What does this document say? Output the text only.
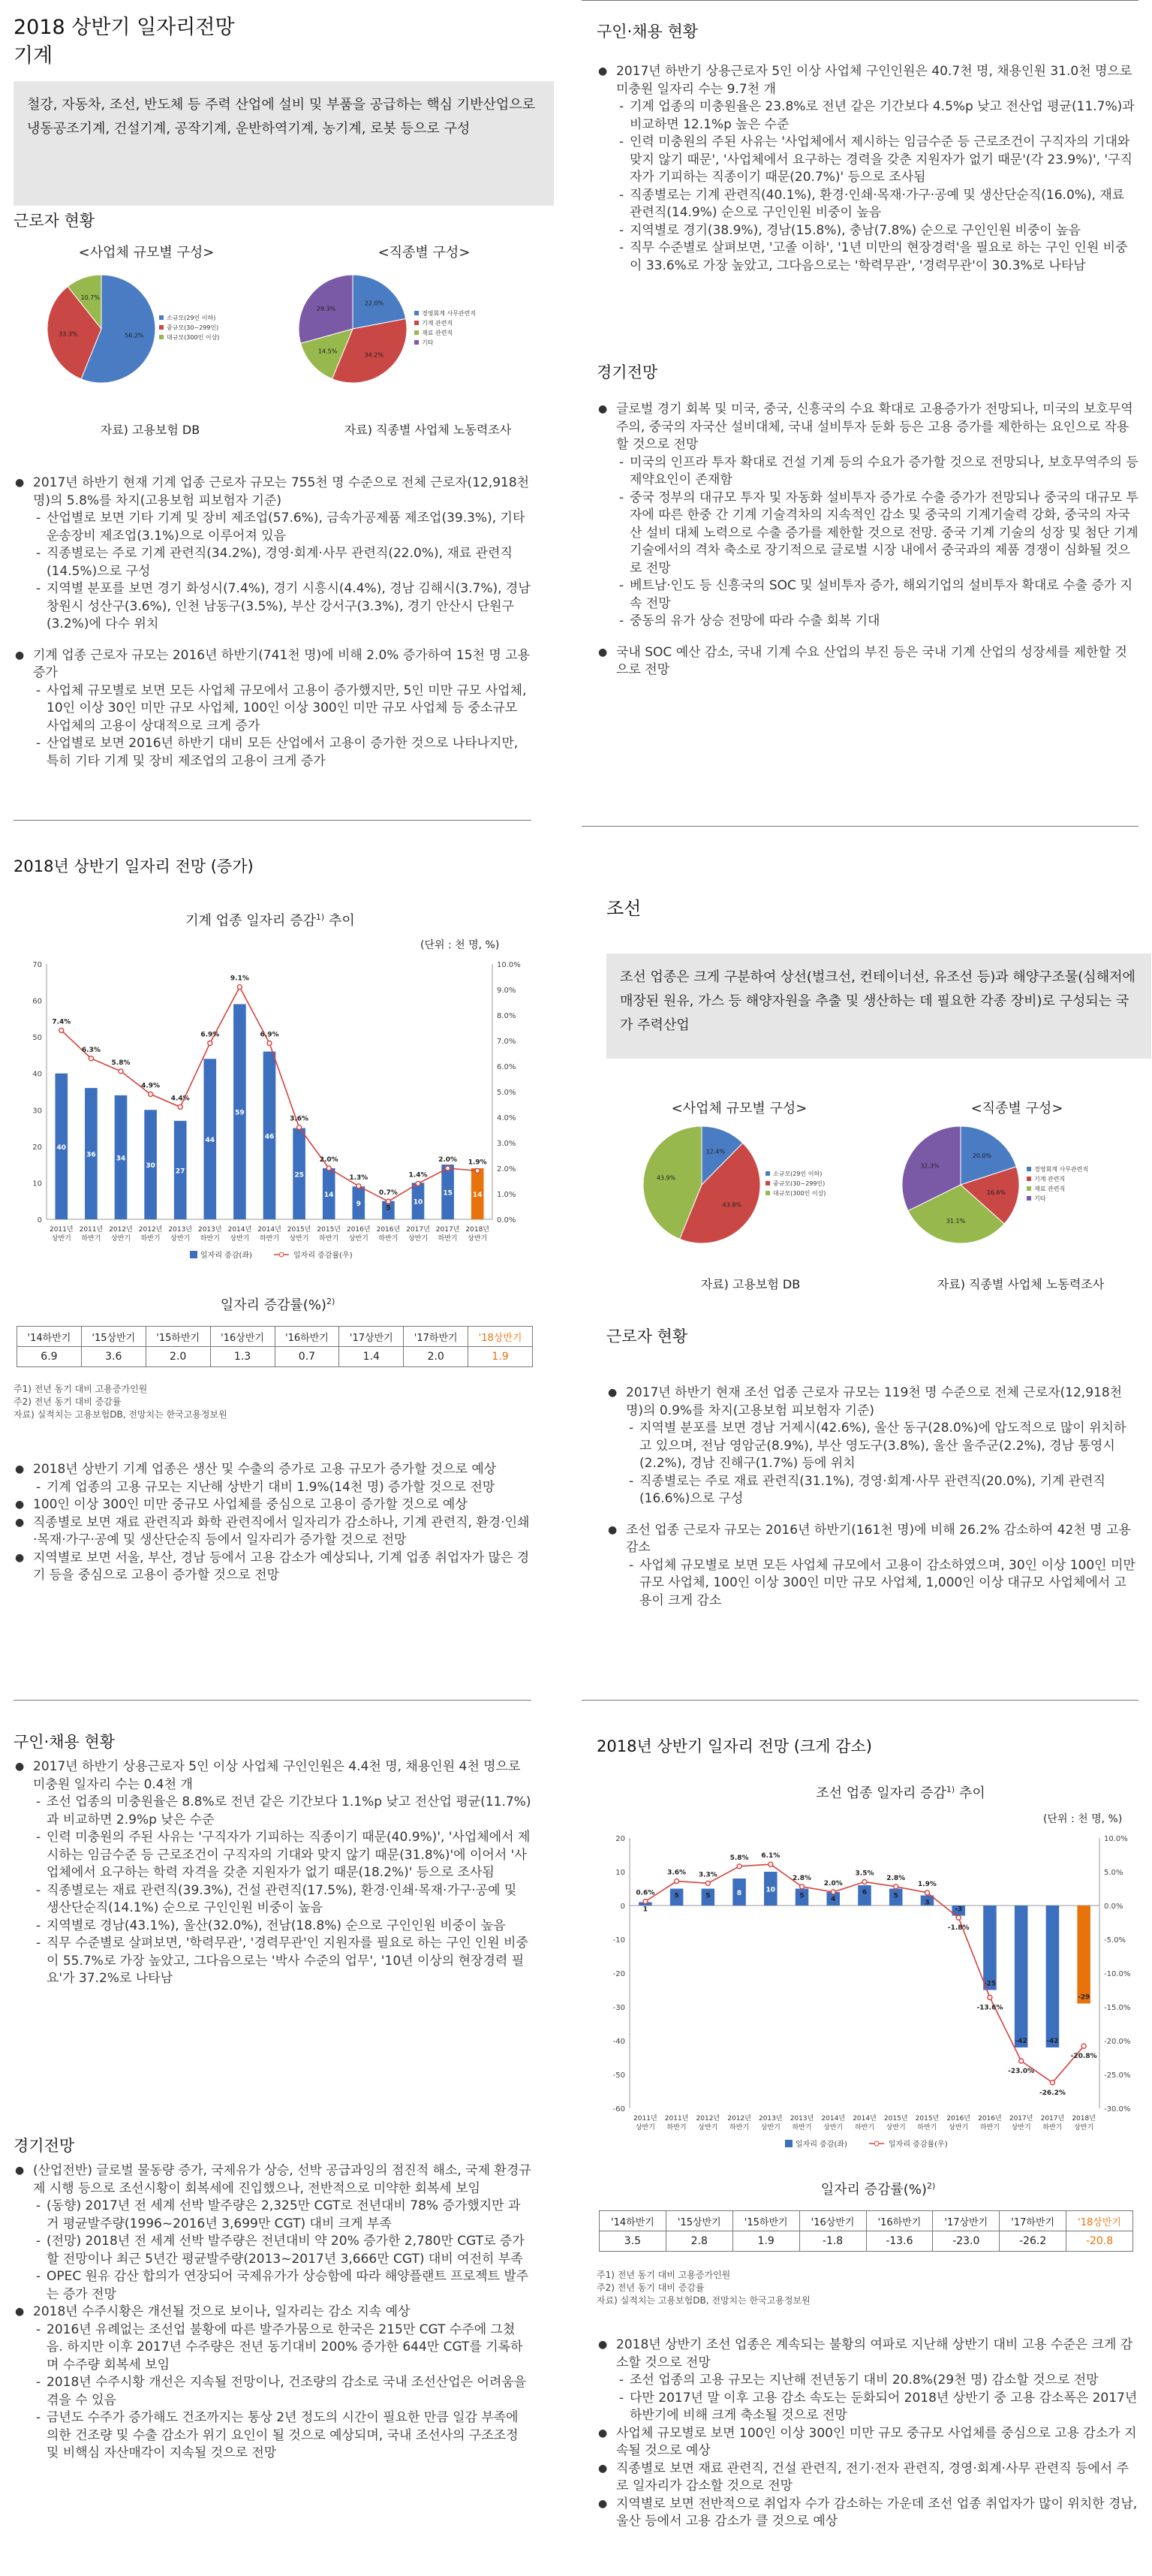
2018 상반기 일자리전망
기계
철강, 자동차, 조선, 반도체 등 주력 산업에 설비 및 부품을 공급하는 핵심 기반산업으로 냉동공조기계, 건설기계, 공작기계, 운반하역기계, 농기계, 로봇 등으로 구성
근로자 현황
<사업체 규모별 구성>
56.2%
33.3%
10.7%
소규모(29인 이하)
중규모(30~299인)
대규모(300인 이상)
자료) 고용보험 DB
<직종별 구성>
22.0%
34.2%
14.5%
29.3%
경영회계 사무관련직
기계 관련직
재료 관련직
기타
자료) 직종별 사업체 노동력조사
● 2017년 하반기 현재 기계 업종 근로자 규모는 755천 명 수준으로 전체 근로자(12,918천 명)의 5.8%를 차지(고용보험 피보험자 기준)
- 산업별로 보면 기타 기계 및 장비 제조업(57.6%), 금속가공제품 제조업(39.3%), 기타 운송장비 제조업(3.1%)으로 이루어져 있음
- 직종별로는 주로 기계 관련직(34.2%), 경영·회계·사무 관련직(22.0%), 재료 관련직(14.5%)으로 구성
- 지역별 분포를 보면 경기 화성시(7.4%), 경기 시흥시(4.4%), 경남 김해시(3.7%), 경남 창원시 성산구(3.6%), 인천 남동구(3.5%), 부산 강서구(3.3%), 경기 안산시 단원구(3.2%)에 다수 위치
● 기계 업종 근로자 규모는 2016년 하반기(741천 명)에 비해 2.0% 증가하여 15천 명 고용 증가
- 사업체 규모별로 보면 모든 사업체 규모에서 고용이 증가했지만, 5인 미만 규모 사업체, 10인 이상 30인 미만 규모 사업체, 100인 이상 300인 미만 규모 사업체 등 중소규모 사업체의 고용이 상대적으로 크게 증가
- 산업별로 보면 2016년 하반기 대비 모든 산업에서 고용이 증가한 것으로 나타나지만, 특히 기타 기계 및 장비 제조업의 고용이 크게 증가
2018년 상반기 일자리 전망 (증가)
기계 업종 일자리 증감$^{1)}$ 추이
(단위 : 천 명, %)
0
10
20
30
40
50
60
70
0.0%
1.0%
2.0%
3.0%
4.0%
5.0%
6.0%
7.0%
8.0%
9.0%
10.0%
40
36	34
30
27
44
59
46
25
14
9
5
10
15	14
7.4%
6.3%
5.8%
4.9%
4.4%
6.9%
9.1%
6.9%
3.6%
2.0%
1.3%
0.7%
1.4%
2.0% 1.9%
2011년
상반기
2011년
하반기
2012년
상반기
2012년
하반기
2013년
상반기
2013년
하반기
2014년
상반기
2014년
하반기
2015년
상반기
2015년
하반기
2016년
상반기
2016년
하반기
2017년
상반기
2017년
하반기
2018년
상반기
일자리 증감(좌)	일자리 증감률(우)
일자리 증감률(%)$^{2)}$
'14하반기	'15상반기	'15하반기	'16상반기	'16하반기	'17상반기	'17하반기	'18상반기
6.9	3.6	2.0	1.3	0.7	1.4	2.0	1.9
주1) 전년 동기 대비 고용증가인원
주2) 전년 동기 대비 증감률
자료) 실적치는 고용보험DB, 전망치는 한국고용정보원
● 2018년 상반기 기계 업종은 생산 및 수출의 증가로 고용 규모가 증가할 것으로 예상
- 기계 업종의 고용 규모는 지난해 상반기 대비 1.9%(14천 명) 증가할 것으로 전망
● 100인 이상 300인 미만 중규모 사업체를 중심으로 고용이 증가할 것으로 예상
● 직종별로 보면 재료 관련직과 화학 관련직에서 일자리가 감소하나, 기계 관련직, 환경·인쇄·목재·가구·공예 및 생산단순직 등에서 일자리가 증가할 것으로 전망
● 지역별로 보면 서울, 부산, 경남 등에서 고용 감소가 예상되나, 기계 업종 취업자가 많은 경기 등을 중심으로 고용이 증가할 것으로 전망
구인·채용 현황
● 2017년 하반기 상용근로자 5인 이상 사업체 구인인원은 4.4천 명, 채용인원 4천 명으로 미충원 일자리 수는 0.4천 개
- 조선 업종의 미충원율은 8.8%로 전년 같은 기간보다 1.1%p 낮고 전산업 평균(11.7%)과 비교하면 2.9%p 낮은 수준
- 인력 미충원의 주된 사유는 '구직자가 기피하는 직종이기 때문(40.9%)', '사업체에서 제시하는 임금수준 등 근로조건이 구직자의 기대와 맞지 않기 때문(31.8%)'에 이어서 '사업체에서 요구하는 학력 자격을 갖춘 지원자가 없기 때문(18.2%)' 등으로 조사됨
- 직종별로는 재료 관련직(39.3%), 건설 관련직(17.5%), 환경·인쇄·목재·가구·공예 및 생산단순직(14.1%) 순으로 구인인원 비중이 높음
- 지역별로 경남(43.1%), 울산(32.0%), 전남(18.8%) 순으로 구인인원 비중이 높음
- 직무 수준별로 살펴보면, '학력무관', '경력무관'인 지원자를 필요로 하는 구인 인원 비중이 55.7%로 가장 높았고, 그다음으로는 '박사 수준의 업무', '10년 이상의 현장경력 필요'가 37.2%로 나타남
경기전망
● (산업전반) 글로벌 물동량 증가, 국제유가 상승, 선박 공급과잉의 점진적 해소, 국제 환경규제 시행 등으로 조선시황이 회복세에 진입했으나, 전반적으로 미약한 회복세 보임
- (동향) 2017년 전 세계 선박 발주량은 2,325만 CGT로 전년대비 78% 증가했지만 과거 평균발주량(1996~2016년 3,699만 CGT) 대비 크게 부족
- (전망) 2018년 전 세계 선박 발주량은 전년대비 약 20% 증가한 2,780만 CGT로 증가할 전망이나 최근 5년간 평균발주량(2013~2017년 3,666만 CGT) 대비 여전히 부족
- OPEC 원유 감산 합의가 연장되어 국제유가가 상승함에 따라 해양플랜트 프로젝트 발주는 증가 전망
● 2018년 수주시황은 개선될 것으로 보이나, 일자리는 감소 지속 예상
- 2016년 유례없는 조선업 불황에 따른 발주가뭄으로 한국은 215만 CGT 수주에 그쳤음. 하지만 이후 2017년 수주량은 전년 동기대비 200% 증가한 644만 CGT를 기록하며 수주량 회복세 보임
- 2018년 수주시황 개선은 지속될 전망이나, 건조량의 감소로 국내 조선산업은 어려움을 겪을 수 있음
- 금년도 수주가 증가해도 건조까지는 통상 2년 정도의 시간이 필요한 만큼 일감 부족에 의한 건조량 및 수출 감소가 위기 요인이 될 것으로 예상되며, 국내 조선사의 구조조정 및 비핵심 자산매각이 지속될 것으로 전망
구인·채용 현황
● 2017년 하반기 상용근로자 5인 이상 사업체 구인인원은 40.7천 명, 채용인원 31.0천 명으로 미충원 일자리 수는 9.7천 개
- 기계 업종의 미충원율은 23.8%로 전년 같은 기간보다 4.5%p 낮고 전산업 평균(11.7%)과 비교하면 12.1%p 높은 수준
- 인력 미충원의 주된 사유는 '사업체에서 제시하는 임금수준 등 근로조건이 구직자의 기대와 맞지 않기 때문', '사업체에서 요구하는 경력을 갖춘 지원자가 없기 때문'(각 23.9%)', '구직자가 기피하는 직종이기 때문(20.7%)' 등으로 조사됨
- 직종별로는 기계 관련직(40.1%), 환경·인쇄·목재·가구·공예 및 생산단순직(16.0%), 재료 관련직(14.9%) 순으로 구인인원 비중이 높음
- 지역별로 경기(38.9%), 경남(15.8%), 충남(7.8%) 순으로 구인인원 비중이 높음
- 직무 수준별로 살펴보면, '고졸 이하', '1년 미만의 현장경력'을 필요로 하는 구인 인원 비중이 33.6%로 가장 높았고, 그다음으로는 '학력무관', '경력무관'이 30.3%로 나타남
경기전망
● 글로벌 경기 회복 및 미국, 중국, 신흥국의 수요 확대로 고용증가가 전망되나, 미국의 보호무역주의, 중국의 자국산 설비대체, 국내 설비투자 둔화 등은 고용 증가를 제한하는 요인으로 작용할 것으로 전망
- 미국의 인프라 투자 확대로 건설 기계 등의 수요가 증가할 것으로 전망되나, 보호무역주의 등 제약요인이 존재함
- 중국 정부의 대규모 투자 및 자동화 설비투자 증가로 수출 증가가 전망되나 중국의 대규모 투자에 따른 한중 간 기계 기술격차의 지속적인 감소 및 중국의 기계기술력 강화, 중국의 자국산 설비 대체 노력으로 수출 증가를 제한할 것으로 전망. 중국 기계 기술의 성장 및 첨단 기계 기술에서의 격차 축소로 장기적으로 글로벌 시장 내에서 중국과의 제품 경쟁이 심화될 것으로 전망
- 베트남·인도 등 신흥국의 SOC 및 설비투자 증가, 해외기업의 설비투자 확대로 수출 증가 지속 전망
- 중동의 유가 상승 전망에 따라 수출 회복 기대
● 국내 SOC 예산 감소, 국내 기계 수요 산업의 부진 등은 국내 기계 산업의 성장세를 제한할 것으로 전망
조선
조선 업종은 크게 구분하여 상선(벌크선, 컨테이너선, 유조선 등)과 해양구조물(심해저에 매장된 원유, 가스 등 해양자원을 추출 및 생산하는 데 필요한 각종 장비)로 구성되는 국가 주력산업
<사업체 규모별 구성>
12.4%
43.8%
43.9%
소규모(29인 이하)
중규모(30~299인)
대규모(300인 이상)
자료) 고용보험 DB
<직종별 구성>
20.0%
16.6%
31.1%
32.3%
경영회계 사무관련직
기계 관련직
재료 관련직
기타
자료) 직종별 사업체 노동력조사
근로자 현황
● 2017년 하반기 현재 조선 업종 근로자 규모는 119천 명 수준으로 전체 근로자(12,918천 명)의 0.9%를 차지(고용보험 피보험자 기준)
- 지역별 분포를 보면 경남 거제시(42.6%), 울산 동구(28.0%)에 압도적으로 많이 위치하고 있으며, 전남 영암군(8.9%), 부산 영도구(3.8%), 울산 울주군(2.2%), 경남 통영시(2.2%), 경남 진해구(1.7%) 등에 위치
- 직종별로는 주로 재료 관련직(31.1%), 경영·회계·사무 관련직(20.0%), 기계 관련직(16.6%)으로 구성
● 조선 업종 근로자 규모는 2016년 하반기(161천 명)에 비해 26.2% 감소하여 42천 명 고용 감소
- 사업체 규모별로 보면 모든 사업체 규모에서 고용이 감소하였으며, 30인 이상 100인 미만 규모 사업체, 100인 이상 300인 미만 규모 사업체, 1,000인 이상 대규모 사업체에서 고용이 크게 감소
2018년 상반기 일자리 전망 (크게 감소)
조선 업종 일자리 증감$^{1)}$ 추이
(단위 : 천 명, %)
-60
-50
-40
-30
-20
-10
0
10
20
-30.0%
-25.0%
-20.0%
-15.0%
-10.0%
-5.0%
0.0%
5.0%
10.0%
1
5	5	8	10
5	4
6	5
3
-3
-25
-42	-42
-29
0.6%
3.6% 3.3%
5.8% 6.1%
2.8%
2.0%
3.5%
2.8%
1.9%
-1.8%
-13.6%
-23.0%
-26.2%
-20.8%
2011년
상반기
2011년
하반기
2012년
상반기
2012년
하반기
2013년
상반기
2013년
하반기
2014년
상반기
2014년
하반기
2015년
상반기
2015년
하반기
2016년
상반기
2016년
하반기
2017년
상반기
2017년
하반기
2018년
상반기
일자리 증감(좌)	일자리 증감률(우)
일자리 증감률(%)$^{2)}$
'14하반기	'15상반기	'15하반기	'16상반기	'16하반기	'17상반기	'17하반기	'18상반기
3.5	2.8	1.9	-1.8	-13.6	-23.0	-26.2	-20.8
주1) 전년 동기 대비 고용증가인원
주2) 전년 동기 대비 증감률
자료) 실적치는 고용보험DB, 전망치는 한국고용정보원
● 2018년 상반기 조선 업종은 계속되는 불황의 여파로 지난해 상반기 대비 고용 수준은 크게 감소할 것으로 전망
- 조선 업종의 고용 규모는 지난해 전년동기 대비 20.8%(29천 명) 감소할 것으로 전망
- 다만 2017년 말 이후 고용 감소 속도는 둔화되어 2018년 상반기 중 고용 감소폭은 2017년 하반기에 비해 크게 축소될 것으로 전망
● 사업체 규모별로 보면 100인 이상 300인 미만 규모 중규모 사업체를 중심으로 고용 감소가 지속될 것으로 예상
● 직종별로 보면 재료 관련직, 건설 관련직, 전기·전자 관련직, 경영·회계·사무 관련직 등에서 주로 일자리가 감소할 것으로 전망
● 지역별로 보면 전반적으로 취업자 수가 감소하는 가운데 조선 업종 취업자가 많이 위치한 경남, 울산 등에서 고용 감소가 클 것으로 예상
